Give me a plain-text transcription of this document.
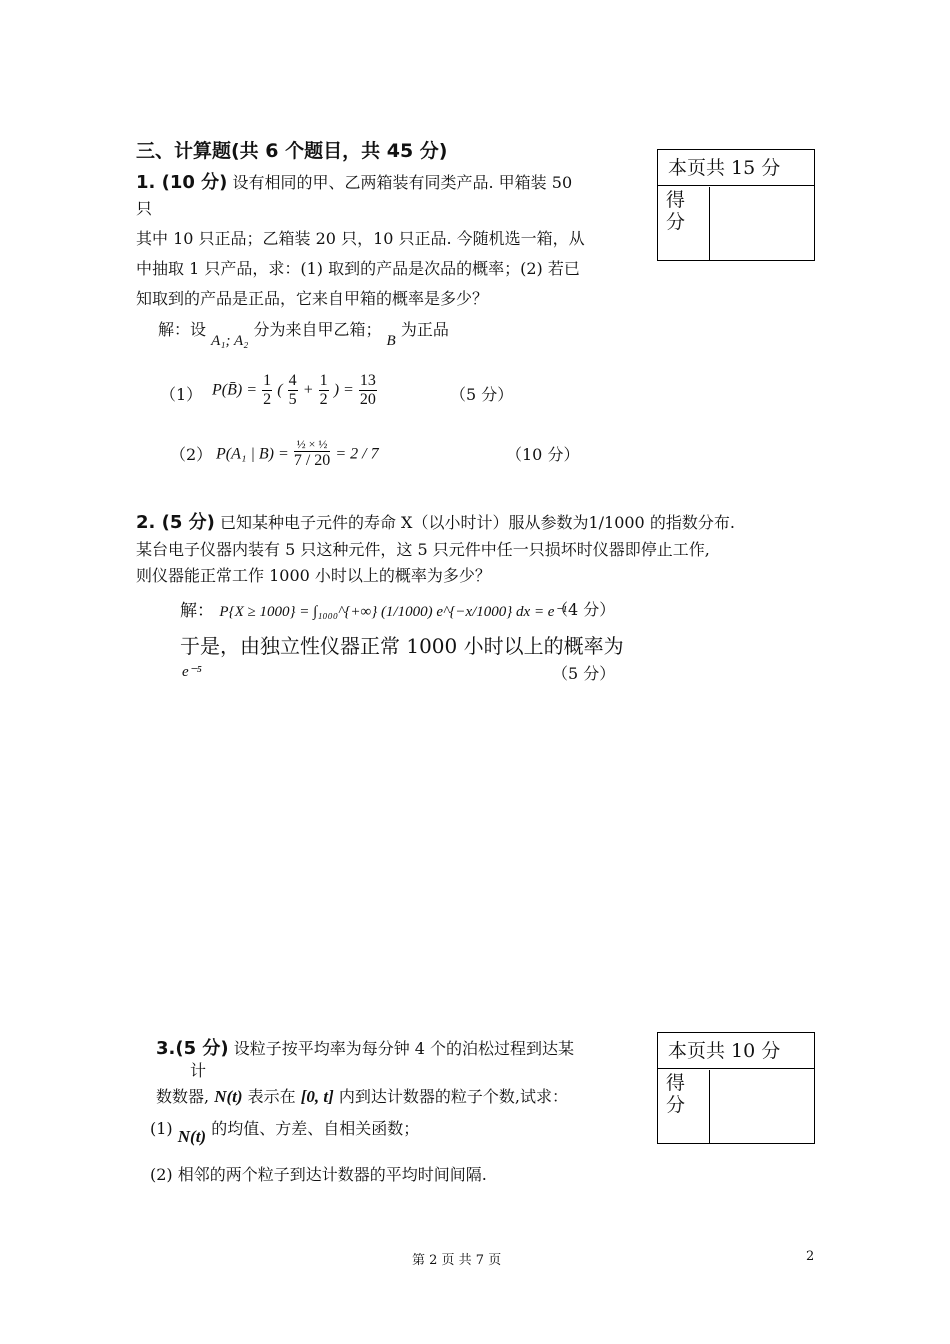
三、计算题(共 6 个题目，共 45 分)
本页共 15 分
得分
1. (10 分) 设有相同的甲、乙两箱装有同类产品. 甲箱装 50
只
其中 10 只正品；乙箱装 20 只，10 只正品. 今随机选一箱，从
中抽取 1 只产品，求：(1) 取到的产品是次品的概率；(2) 若已
知取到的产品是正品，它来自甲箱的概率是多少？
解：设 A₁; A₂ 分为来自甲乙箱； B 为正品
（1） P(B̄) = $\frac{1}{2}$ ( $\frac{4}{5} + \frac{1}{2}$ ) = $\frac{13}{20}$	（5 分）
（2） P(A₁ | $B) = \frac{\text{½ × ½}}{7 / 20} = 2 / 7$	（10 分）
2. (5 分) 已知某种电子元件的寿命 X（以小时计）服从参数为1/1000 的指数分布.
某台电子仪器内装有 5 只这种元件，这 5 只元件中任一只损坏时仪器即停止工作,
则仪器能正常工作 1000 小时以上的概率为多少？
解： P{X ≥ 1000} = ∫₁₀₀₀^{+∞} (1/1000) e^{−x/1000} dx = e⁻¹
（4 分）
于是，由独立性仪器正常 1000 小时以上的概率为
e⁻⁵	（5 分）
本页共 10 分
得分
3.(5 分) 设粒子按平均率为每分钟 4 个的泊松过程到达某
计
数数器, N(t) 表示在 [0, t] 内到达计数器的粒子个数,试求：
(1) N(t) 的均值、方差、自相关函数；
(2) 相邻的两个粒子到达计数器的平均时间间隔.
第 2 页 共 7 页	2
